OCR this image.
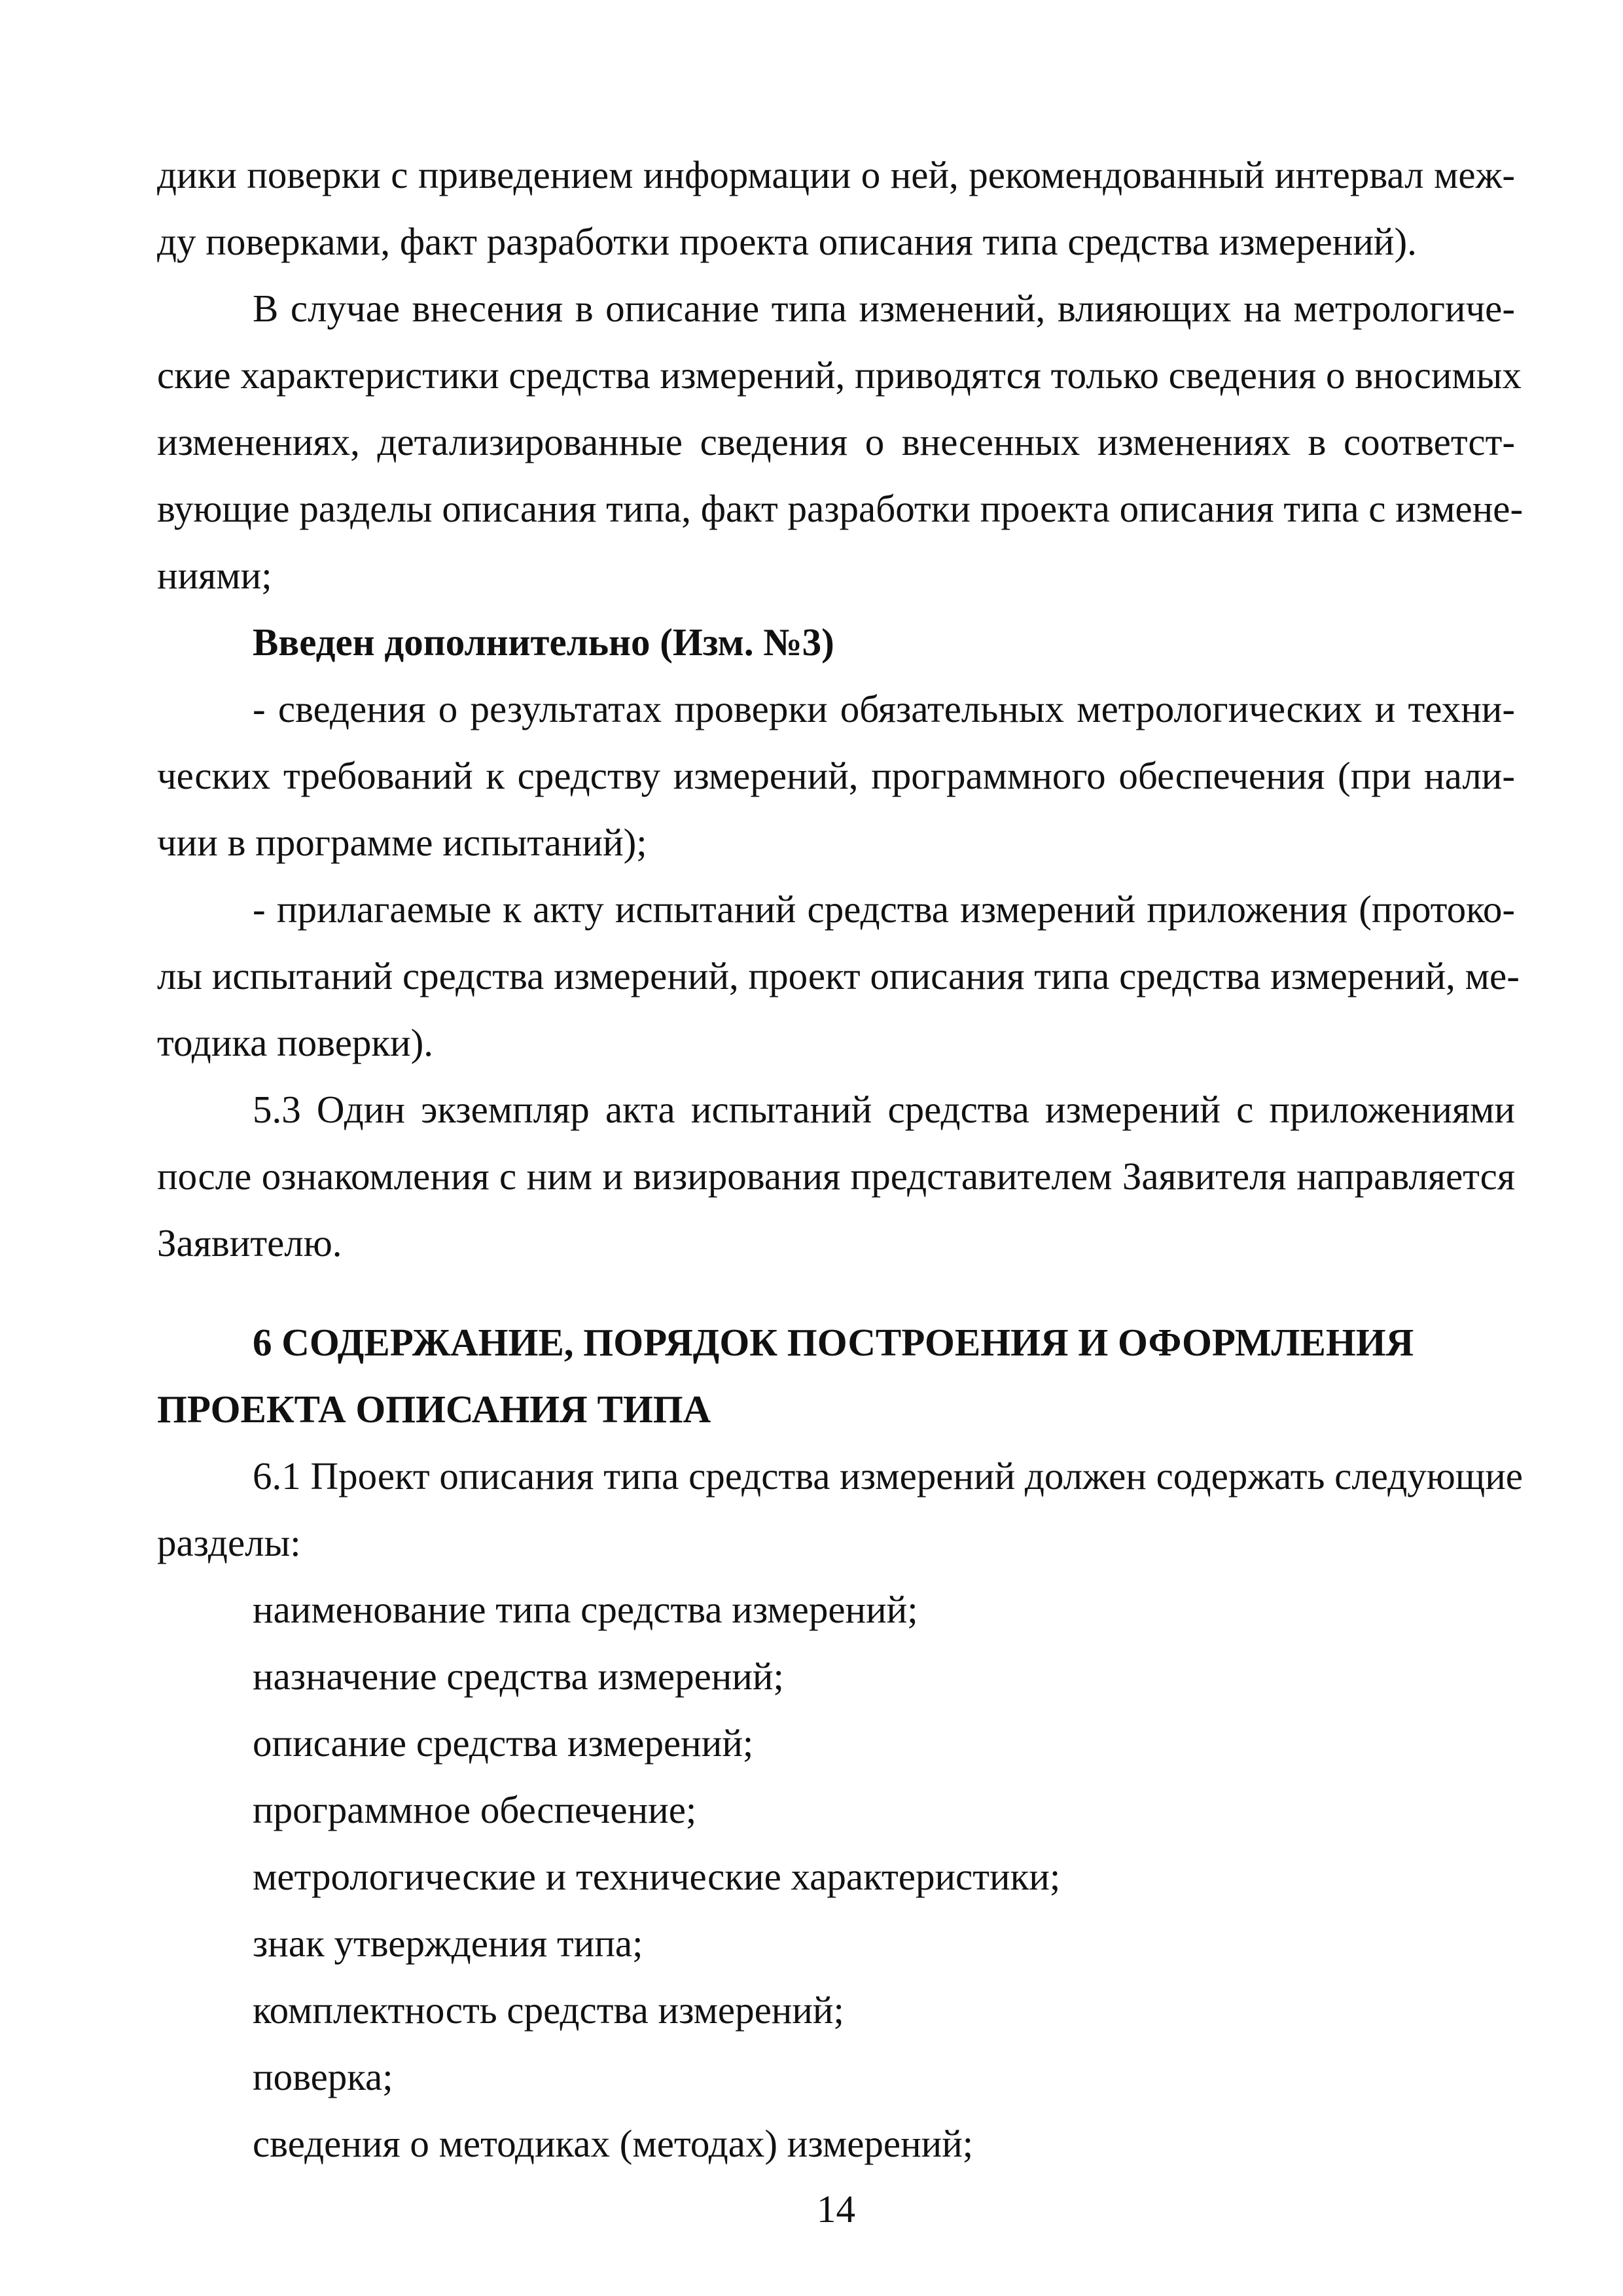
дики поверки с приведением информации о ней, рекомендованный интервал меж-
ду поверками, факт разработки проекта описания типа средства измерений).
В случае внесения в описание типа изменений, влияющих на метрологиче-
ские характеристики средства измерений, приводятся только сведения о вносимых
изменениях, детализированные сведения о внесенных изменениях в соответст-
вующие разделы описания типа, факт разработки проекта описания типа с измене-
ниями;
Введен дополнительно (Изм. №3)
- сведения о результатах проверки обязательных метрологических и техни-
ческих требований к средству измерений, программного обеспечения (при нали-
чии в программе испытаний);
- прилагаемые к акту испытаний средства измерений приложения (протоко-
лы испытаний средства измерений, проект описания типа средства измерений, ме-
тодика поверки).
5.3 Один экземпляр акта испытаний средства измерений с приложениями
после ознакомления с ним и визирования представителем Заявителя направляется
Заявителю.
6 СОДЕРЖАНИЕ, ПОРЯДОК ПОСТРОЕНИЯ И ОФОРМЛЕНИЯ
ПРОЕКТА ОПИСАНИЯ ТИПА
6.1 Проект описания типа средства измерений должен содержать следующие
разделы:
наименование типа средства измерений;
назначение средства измерений;
описание средства измерений;
программное обеспечение;
метрологические и технические характеристики;
знак утверждения типа;
комплектность средства измерений;
поверка;
сведения о методиках (методах) измерений;
14
